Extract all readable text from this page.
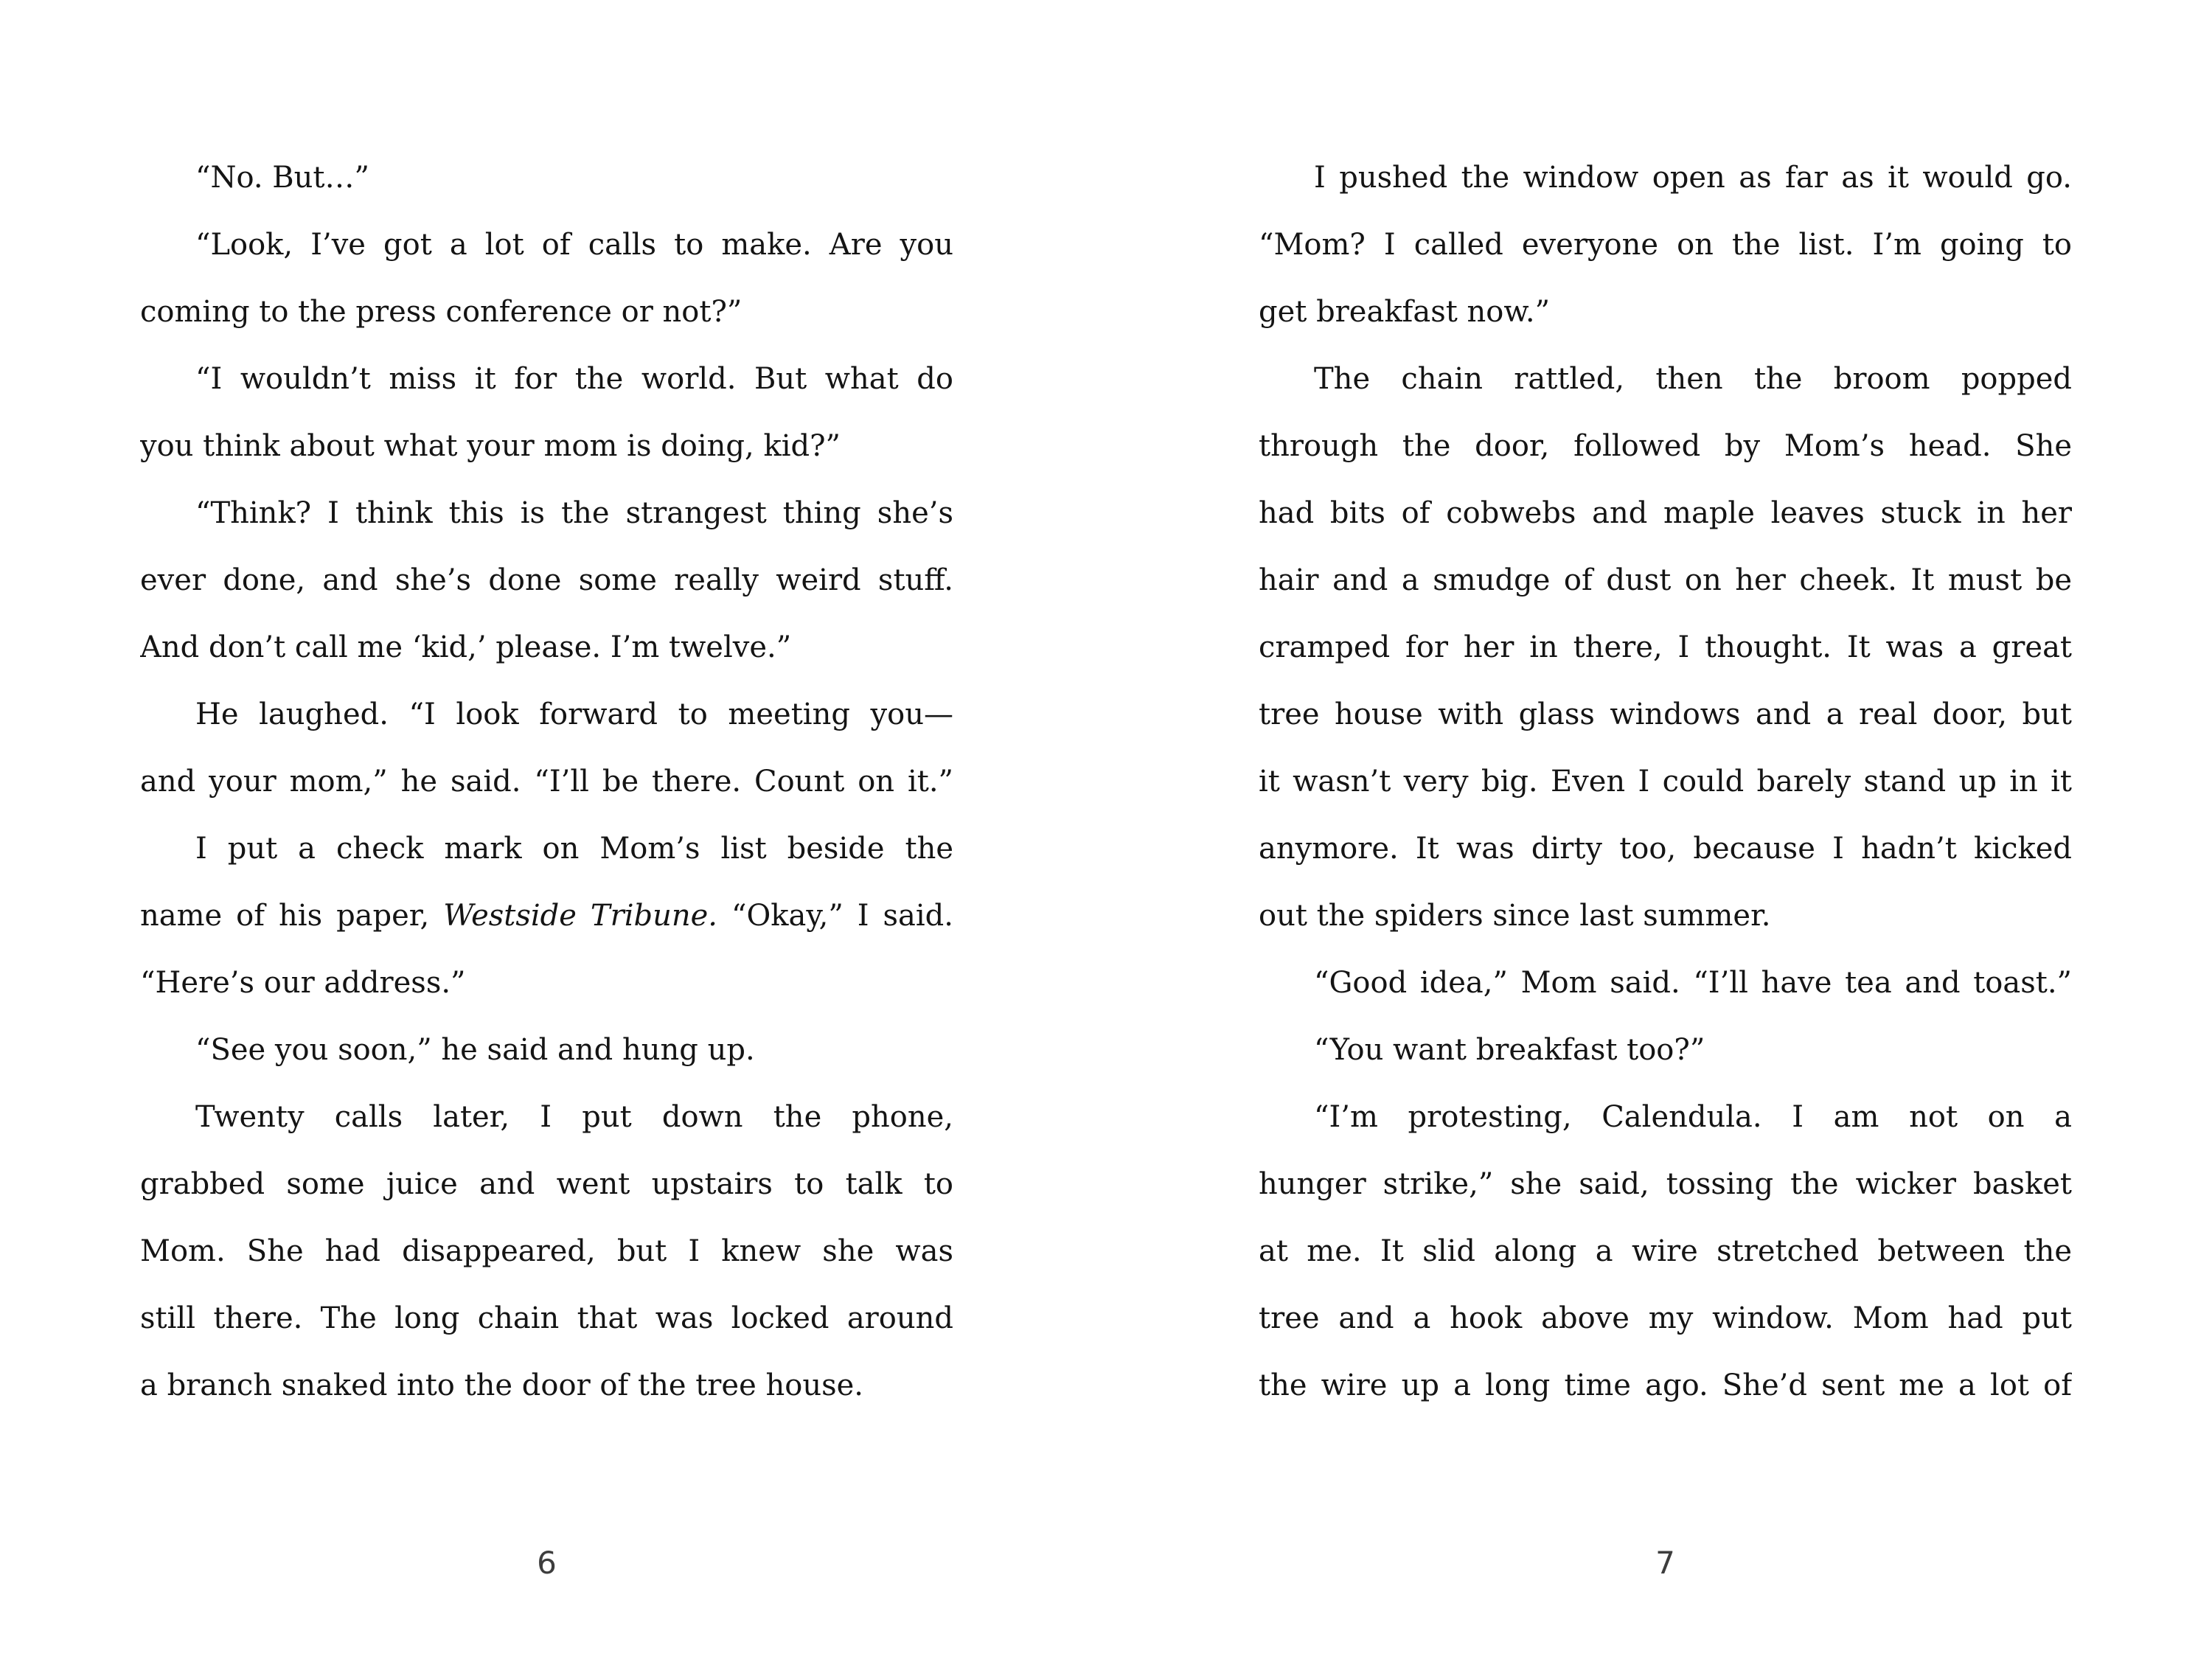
“No. But…”
“Look, I’ve got a lot of calls to make. Are you
coming to the press conference or not?”
“I wouldn’t miss it for the world. But what do
you think about what your mom is doing, kid?”
“Think? I think this is the strangest thing she’s
ever done, and she’s done some really weird stuff.
And don’t call me ‘kid,’ please. I’m twelve.”
He laughed. “I look forward to meeting you—
and your mom,” he said. “I’ll be there. Count on it.”
I put a check mark on Mom’s list beside the
name of his paper, Westside Tribune. “Okay,” I said.
“Here’s our address.”
“See you soon,” he said and hung up.
Twenty calls later, I put down the phone,
grabbed some juice and went upstairs to talk to
Mom. She had disappeared, but I knew she was
still there. The long chain that was locked around
a branch snaked into the door of the tree house.
6
I pushed the window open as far as it would go.
“Mom? I called everyone on the list. I’m going to
get breakfast now.”
The chain rattled, then the broom popped
through the door, followed by Mom’s head. She
had bits of cobwebs and maple leaves stuck in her
hair and a smudge of dust on her cheek. It must be
cramped for her in there, I thought. It was a great
tree house with glass windows and a real door, but
it wasn’t very big. Even I could barely stand up in it
anymore. It was dirty too, because I hadn’t kicked
out the spiders since last summer.
“Good idea,” Mom said. “I’ll have tea and toast.”
“You want breakfast too?”
“I’m protesting, Calendula. I am not on a
hunger strike,” she said, tossing the wicker basket
at me. It slid along a wire stretched between the
tree and a hook above my window. Mom had put
the wire up a long time ago. She’d sent me a lot of
7
